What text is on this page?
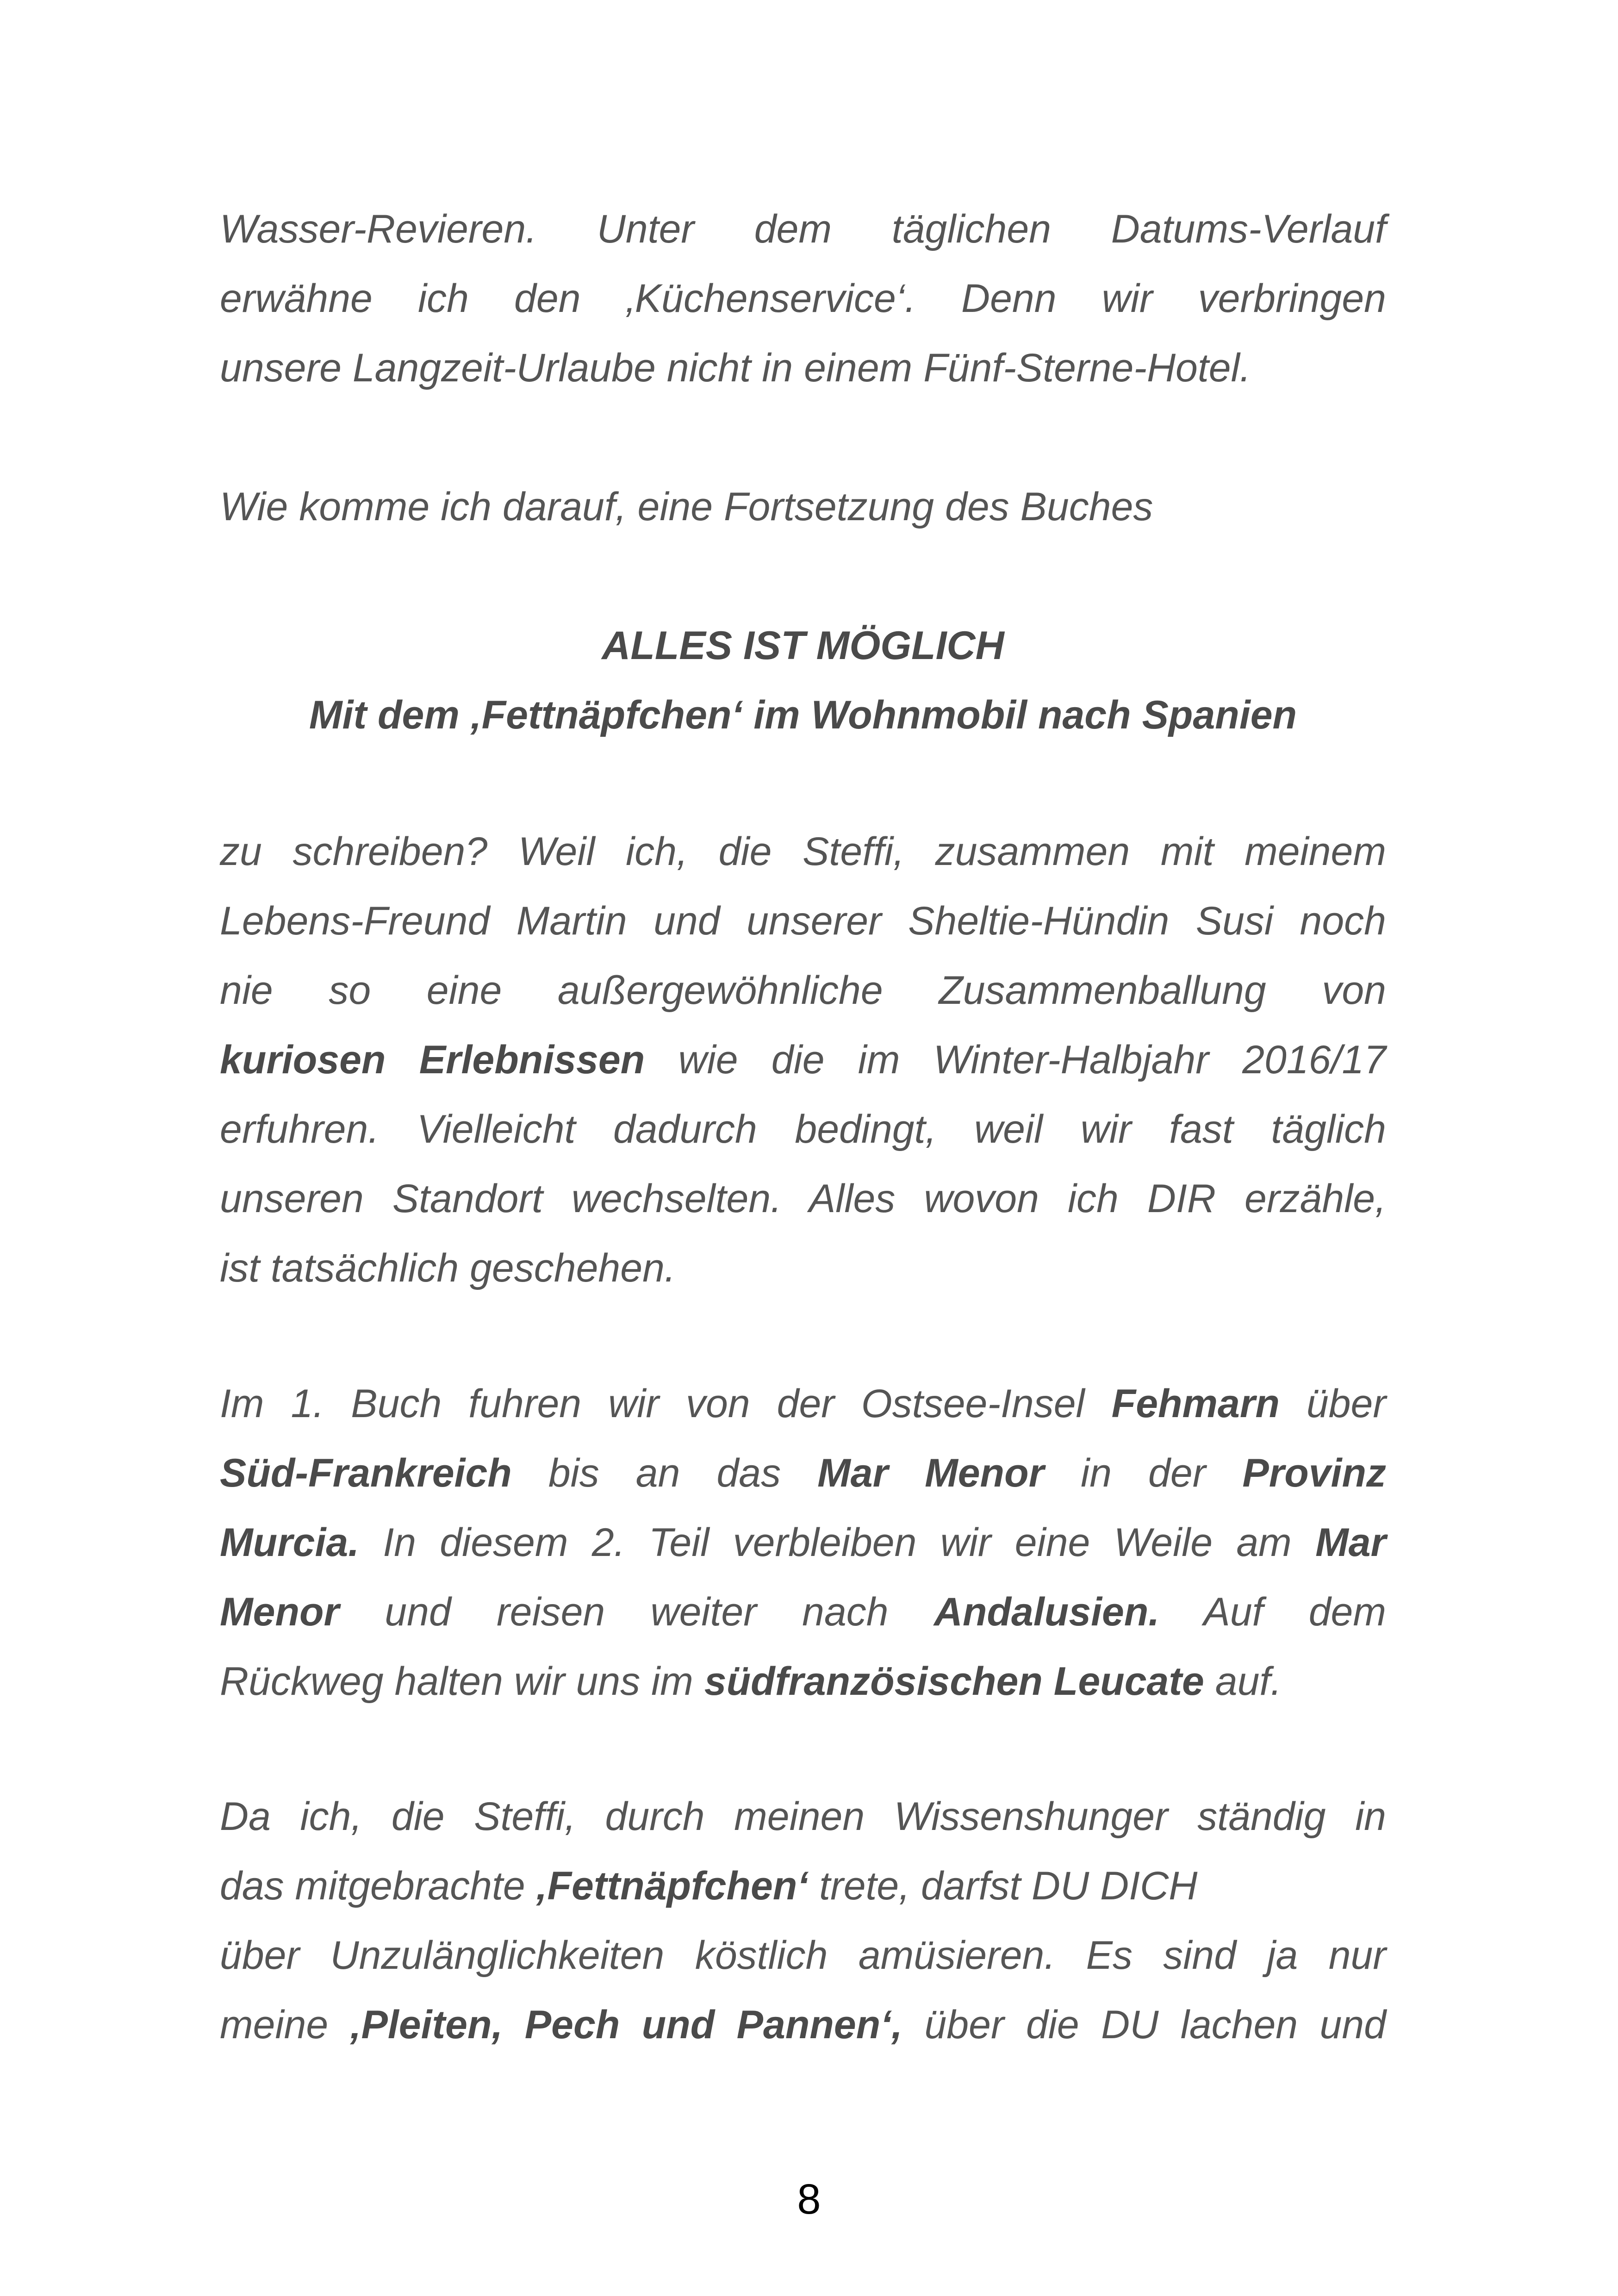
Wasser-Revieren. Unter dem täglichen Datums-Verlauf
erwähne ich den ‚Küchenservice‘. Denn wir verbringen
unsere Langzeit-Urlaube nicht in einem Fünf-Sterne-Hotel.
Wie komme ich darauf, eine Fortsetzung des Buches
ALLES IST MÖGLICH
Mit dem ‚Fettnäpfchen‘ im Wohnmobil nach Spanien
zu schreiben? Weil ich, die Steffi, zusammen mit meinem
Lebens-Freund Martin und unserer Sheltie-Hündin Susi noch
nie so eine außergewöhnliche Zusammenballung von
kuriosen Erlebnissen wie die im Winter-Halbjahr 2016/17
erfuhren. Vielleicht dadurch bedingt, weil wir fast täglich
unseren Standort wechselten. Alles wovon ich DIR erzähle,
ist tatsächlich geschehen.
Im 1. Buch fuhren wir von der Ostsee-Insel Fehmarn über
Süd-Frankreich bis an das Mar Menor in der Provinz
Murcia. In diesem 2. Teil verbleiben wir eine Weile am Mar
Menor und reisen weiter nach Andalusien. Auf dem
Rückweg halten wir uns im südfranzösischen Leucate auf.
Da ich, die Steffi, durch meinen Wissenshunger ständig in
das mitgebrachte ‚Fettnäpfchen‘ trete, darfst DU DICH
über Unzulänglichkeiten köstlich amüsieren. Es sind ja nur
meine ‚Pleiten, Pech und Pannen‘, über die DU lachen und
8
